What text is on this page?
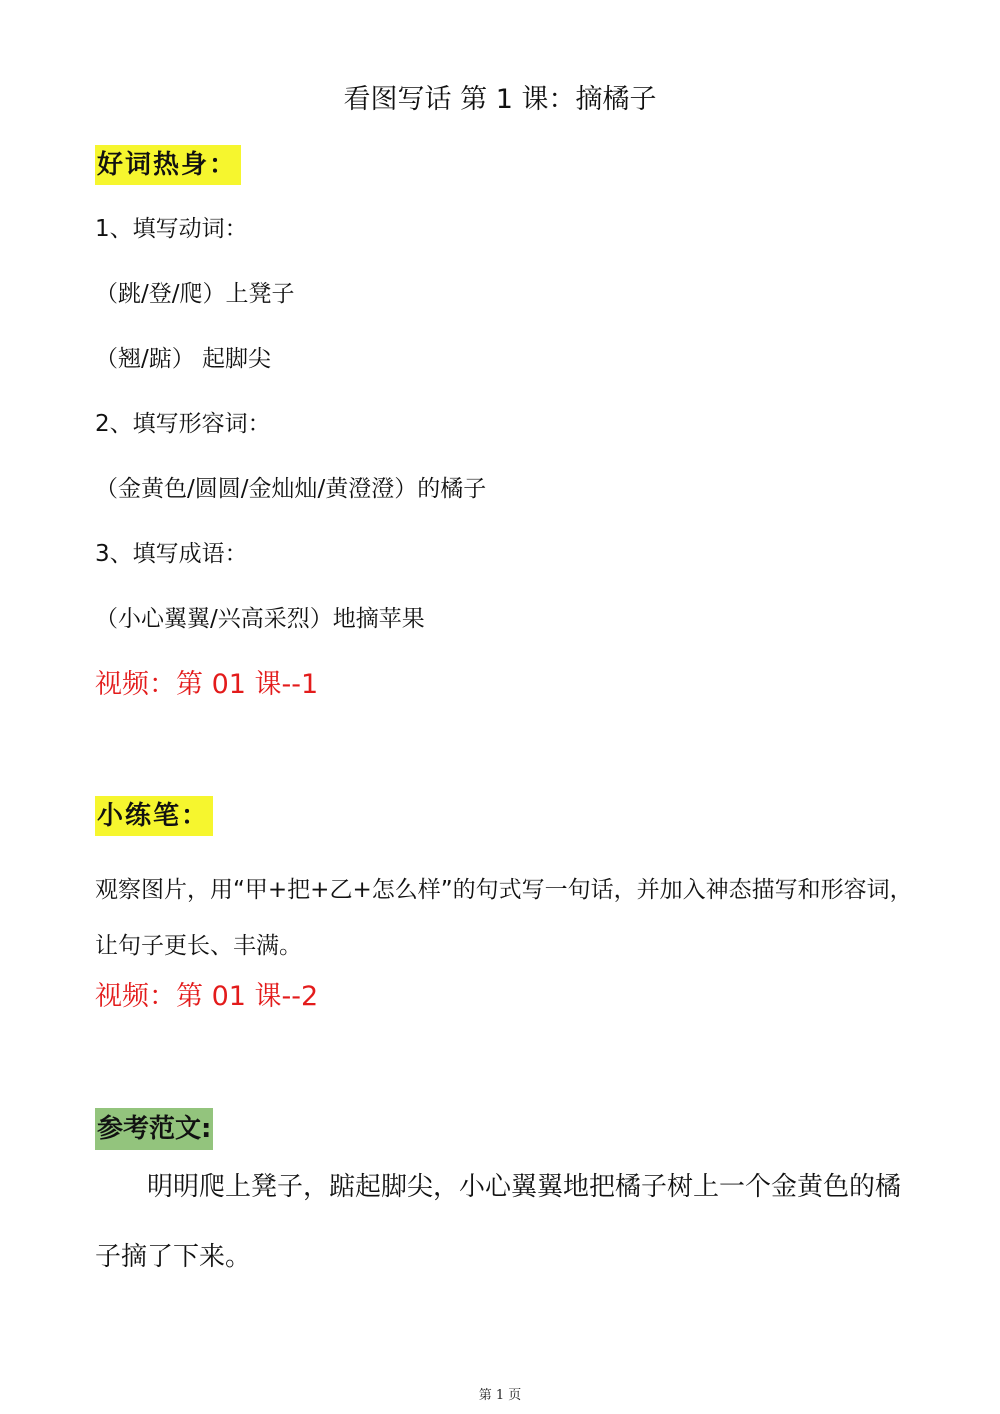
看图写话 第 1 课：摘橘子
好词热身：
1、填写动词：
（跳/登/爬）上凳子
（翘/踮） 起脚尖
2、填写形容词：
（金黄色/圆圆/金灿灿/黄澄澄）的橘子
3、填写成语：
（小心翼翼/兴高采烈）地摘苹果
视频：第 01 课--1
小练笔：
观察图片，用“甲+把+乙+怎么样”的句式写一句话，并加入神态描写和形容词，让句子更长、丰满。
视频：第 01 课--2
参考范文:
明明爬上凳子，踮起脚尖，小心翼翼地把橘子树上一个金黄色的橘子摘了下来。
第 1 页
